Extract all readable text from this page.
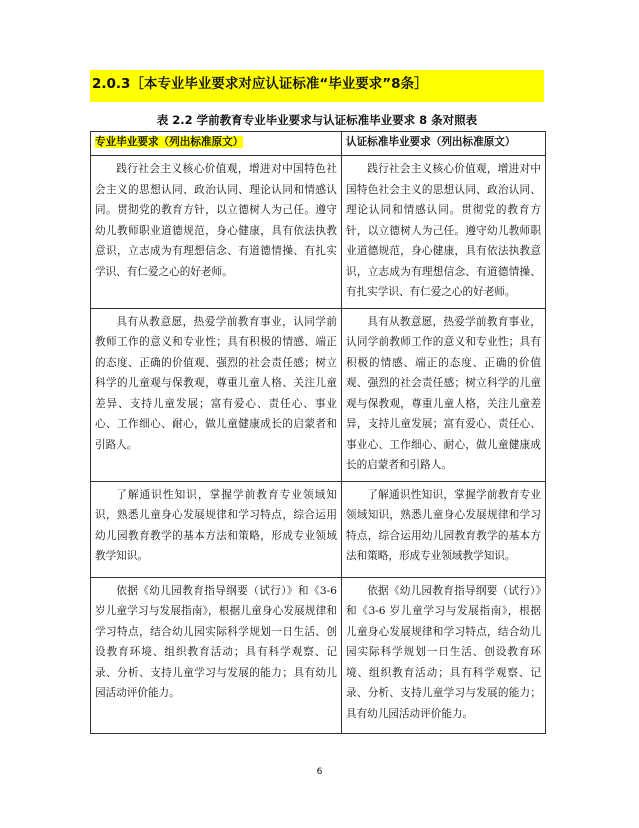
2.0.3［本专业毕业要求对应认证标准“毕业要求”8条］
表 2.2 学前教育专业毕业要求与认证标准毕业要求 8 条对照表
专业毕业要求（列出标准原文）	认证标准毕业要求（列出标准原文）

践行社会主义核心价值观，增进对中国特色社会主义的思想认同、政治认同、理论认同和情感认同。贯彻党的教育方针，以立德树人为己任。遵守幼儿教师职业道德规范，身心健康，具有依法执教意识，立志成为有理想信念、有道德情操、有扎实学识、有仁爱之心的好老师。	践行社会主义核心价值观，增进对中国特色社会主义的思想认同、政治认同、理论认同和情感认同。贯彻党的教育方针，以立德树人为己任。遵守幼儿教师职业道德规范，身心健康，具有依法执教意识，立志成为有理想信念、有道德情操、有扎实学识、有仁爱之心的好老师。

具有从教意愿，热爱学前教育事业，认同学前教师工作的意义和专业性；具有积极的情感、端正的态度、正确的价值观、强烈的社会责任感；树立科学的儿童观与保教观，尊重儿童人格、关注儿童差异、支持儿童发展；富有爱心、责任心、事业心、工作细心、耐心，做儿童健康成长的启蒙者和引路人。	具有从教意愿，热爱学前教育事业，认同学前教师工作的意义和专业性；具有积极的情感、端正的态度、正确的价值观、强烈的社会责任感；树立科学的儿童观与保教观，尊重儿童人格，关注儿童差异，支持儿童发展；富有爱心、责任心、事业心、工作细心、耐心，做儿童健康成长的启蒙者和引路人。

了解通识性知识，掌握学前教育专业领域知识，熟悉儿童身心发展规律和学习特点，综合运用幼儿园教育教学的基本方法和策略，形成专业领域教学知识。	了解通识性知识，掌握学前教育专业领域知识，熟悉儿童身心发展规律和学习特点，综合运用幼儿园教育教学的基本方法和策略，形成专业领域教学知识。

依据《幼儿园教育指导纲要（试行）》和《3-6 岁儿童学习与发展指南》，根据儿童身心发展规律和学习特点，结合幼儿园实际科学规划一日生活、创设教育环境、组织教育活动；具有科学观察、记录、分析、支持儿童学习与发展的能力；具有幼儿园活动评价能力。	依据《幼儿园教育指导纲要（试行）》和《3-6 岁儿童学习与发展指南》，根据儿童身心发展规律和学习特点，结合幼儿园实际科学规划一日生活、创设教育环境、组织教育活动；具有科学观察、记录、分析、支持儿童学习与发展的能力；具有幼儿园活动评价能力。
6
